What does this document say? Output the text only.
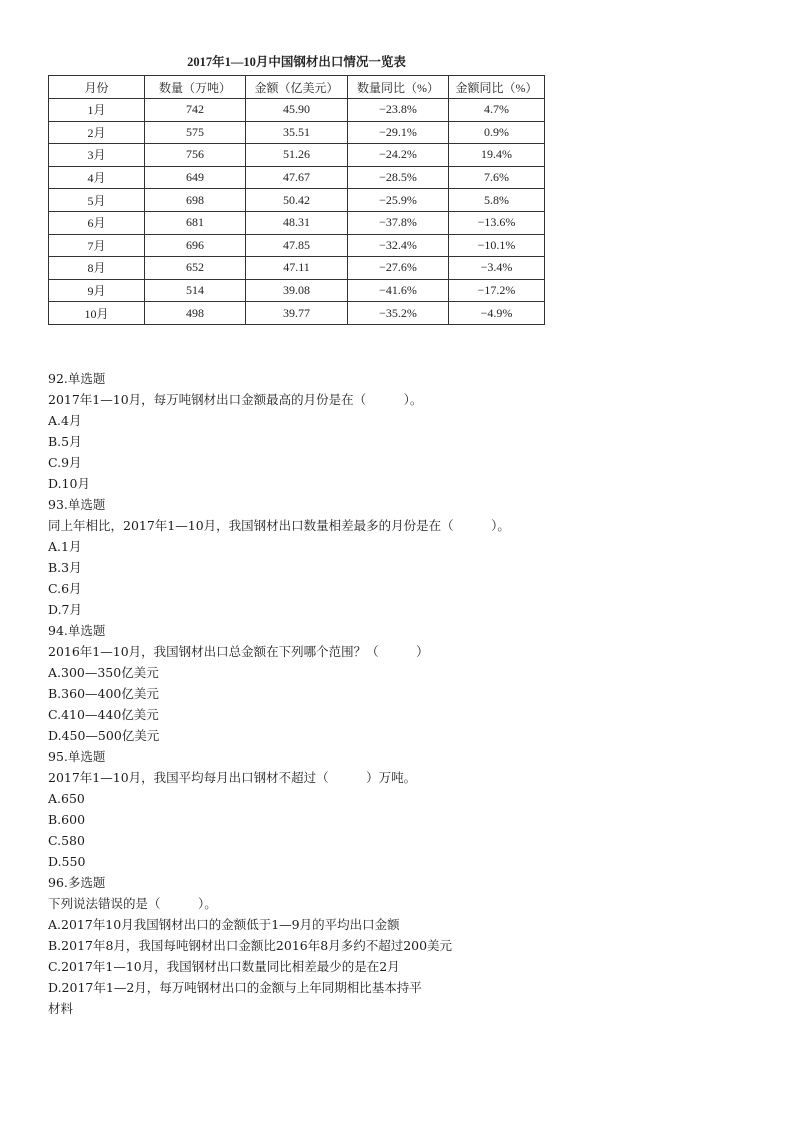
2017年1—10月中国钢材出口情况一览表
月份	数量（万吨）	金额（亿美元）	数量同比（%）	金额同比（%）
1月	742	45.90	−23.8%	4.7%
2月	575	35.51	−29.1%	0.9%
3月	756	51.26	−24.2%	19.4%
4月	649	47.67	−28.5%	7.6%
5月	698	50.42	−25.9%	5.8%
6月	681	48.31	−37.8%	−13.6%
7月	696	47.85	−32.4%	−10.1%
8月	652	47.11	−27.6%	−3.4%
9月	514	39.08	−41.6%	−17.2%
10月	498	39.77	−35.2%	−4.9%
92.单选题
2017年1—10月，每万吨钢材出口金额最高的月份是在（　　　）。
A.4月
B.5月
C.9月
D.10月
93.单选题
同上年相比，2017年1—10月，我国钢材出口数量相差最多的月份是在（　　　）。
A.1月
B.3月
C.6月
D.7月
94.单选题
2016年1—10月，我国钢材出口总金额在下列哪个范围？（　　　）
A.300—350亿美元
B.360—400亿美元
C.410—440亿美元
D.450—500亿美元
95.单选题
2017年1—10月，我国平均每月出口钢材不超过（　　　）万吨。
A.650
B.600
C.580
D.550
96.多选题
下列说法错误的是（　　　）。
A.2017年10月我国钢材出口的金额低于1—9月的平均出口金额
B.2017年8月，我国每吨钢材出口金额比2016年8月多约不超过200美元
C.2017年1—10月，我国钢材出口数量同比相差最少的是在2月
D.2017年1—2月，每万吨钢材出口的金额与上年同期相比基本持平
材料
